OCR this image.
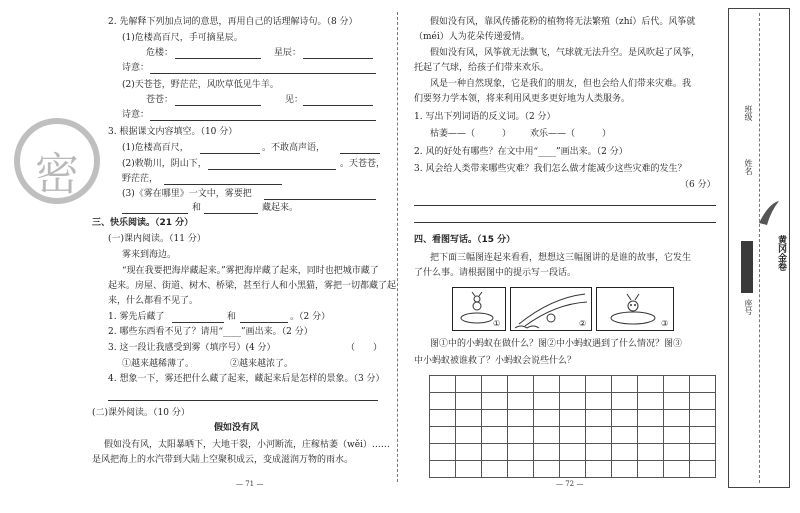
密
2. 先解释下列加点词的意思，再用自己的话理解诗句。（8 分）
(1)危楼高百尺，手可摘星辰。
危楼：	星辰：
诗意：
(2)天苍苍，野茫茫，风吹草低见牛羊。
苍苍：	见：
诗意：
3. 根据课文内容填空。（10 分）
(1)危楼高百尺，	。不敢高声语，
(2)敕勒川，阴山下，	。天苍苍，
野茫茫，
(3)《雾在哪里》一文中，雾要把
和	藏起来。
三、快乐阅读。（21 分）
(一)课内阅读。（11 分）
雾来到海边。
“现在我要把海岸藏起来。”雾把海岸藏了起来，同时也把城市藏了
起来。房屋、街道、树木、桥梁，甚至行人和小黑猫，雾把一切都藏了起
来，什么都看不见了。
1. 雾先后藏了	和	。（2 分）
2. 哪些东西看不见了？请用“____”画出来。（2 分）
3. 这一段让我感受到雾（填序号）(4 分）	（　　）
①越来越稀薄了。	②越来越浓了。
4. 想象一下，雾还把什么藏了起来，藏起来后是怎样的景象。（3 分）
(二)课外阅读。（10 分）
假如没有风
假如没有风，太阳暴晒下，大地干裂，小河断流，庄稼枯萎（wěi）……
是风把海上的水汽带到大陆上空聚积成云，变成滋润万物的雨水。
— 71 —
假如没有风，靠风传播花粉的植物将无法繁殖（zhí）后代。风筝就
（méi）人为花朵传递爱情。
假如没有风，风筝就无法飘飞，气球就无法升空。是风吹起了风筝，
托起了气球，给孩子们带来欢乐。
风是一种自然现象，它是我们的朋友，但也会给人们带来灾难。我
们要努力学本领，将来利用风更多更好地为人类服务。
1. 写出下列词语的反义词。（2 分）
枯萎——（　　　） 欢乐——（　　　）
2. 风的好处有哪些？在文中用“____”画出来。（2 分）
3. 风会给人类带来哪些灾难？我们怎么做才能减少这些灾难的发生？
（6 分）
四、看图写话。（15 分）
把下面三幅图连起来看看，想想这三幅图讲的是谁的故事，它发生
了什么事。请根据图中的提示写一段话。
①	②	③
图①中的小蚂蚁在做什么？图②中小蚂蚁遇到了什么情况？图③
中小蚂蚁被谁救了？小蚂蚁会说些什么？
— 72 —
班级
姓名
座号
黄冈金卷
